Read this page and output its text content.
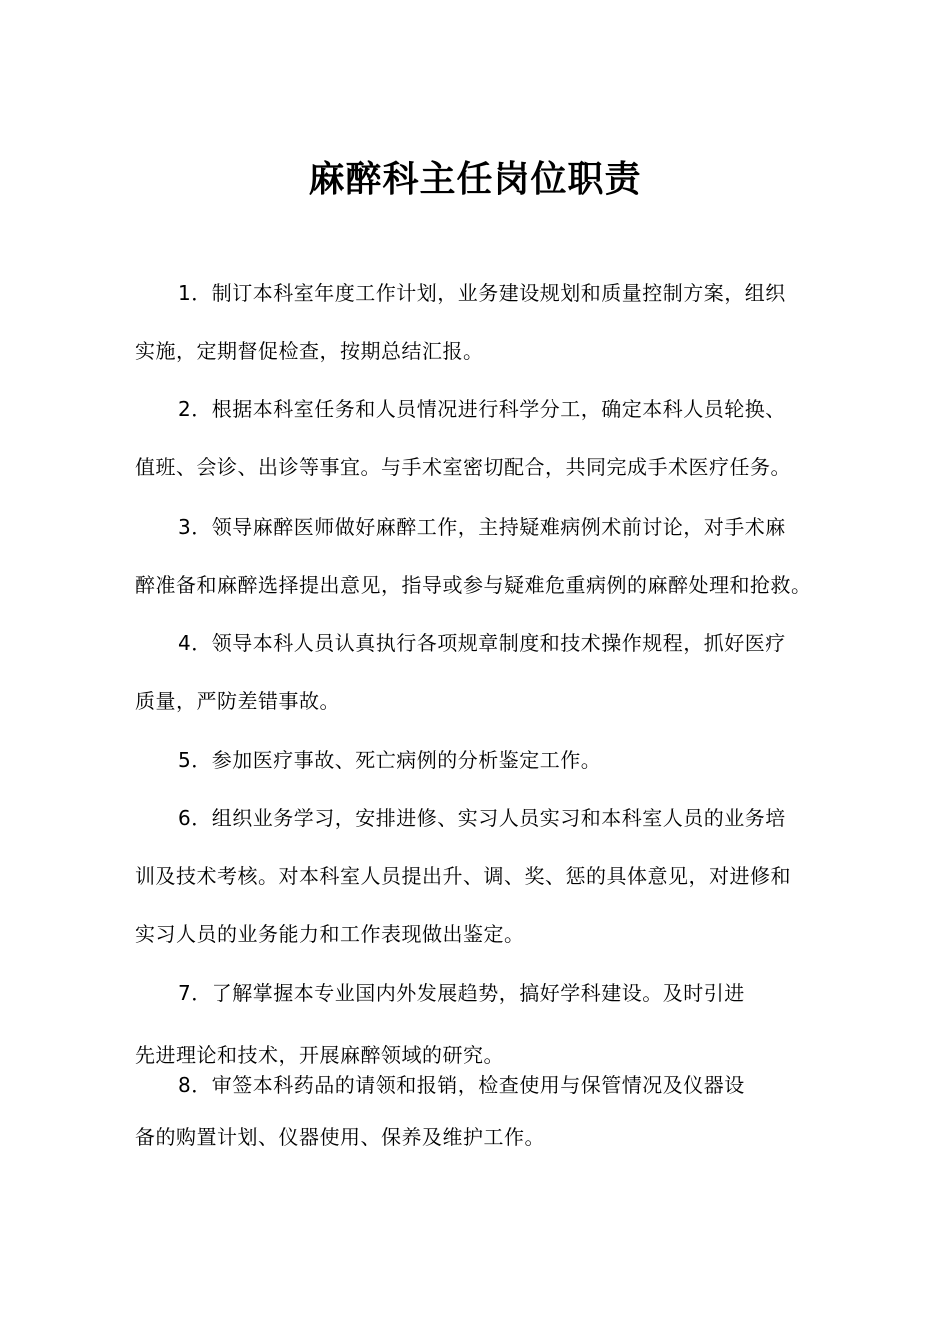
麻醉科主任岗位职责
1．制订本科室年度工作计划，业务建设规划和质量控制方案，组织
实施，定期督促检查，按期总结汇报。
2．根据本科室任务和人员情况进行科学分工，确定本科人员轮换、
值班、会诊、出诊等事宜。与手术室密切配合，共同完成手术医疗任务。
3．领导麻醉医师做好麻醉工作，主持疑难病例术前讨论，对手术麻
醉准备和麻醉选择提出意见，指导或参与疑难危重病例的麻醉处理和抢救。
4．领导本科人员认真执行各项规章制度和技术操作规程，抓好医疗
质量，严防差错事故。
5．参加医疗事故、死亡病例的分析鉴定工作。
6．组织业务学习，安排进修、实习人员实习和本科室人员的业务培
训及技术考核。对本科室人员提出升、调、奖、惩的具体意见，对进修和
实习人员的业务能力和工作表现做出鉴定。
7．了解掌握本专业国内外发展趋势，搞好学科建设。及时引进
先进理论和技术，开展麻醉领域的研究。
8．审签本科药品的请领和报销，检查使用与保管情况及仪器设
备的购置计划、仪器使用、保养及维护工作。
